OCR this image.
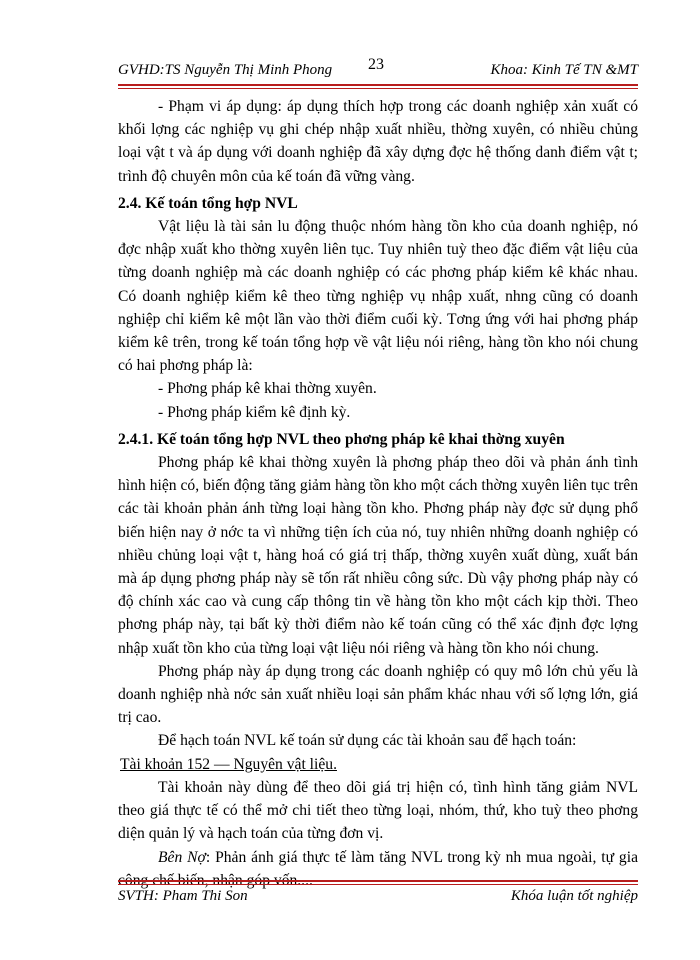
GVHD:TS Nguyễn Thị Minh Phong 23	Khoa: Kinh Tế TN &MT

- Phạm vi áp dụng: áp dụng thích hợp trong các doanh nghiệp xản xuất có khối lợng các nghiệp vụ ghi chép nhập xuất nhiều, thờng xuyên, có nhiều chủng loại vật t và áp dụng với doanh nghiệp đã xây dựng đợc hệ thống danh điểm vật t; trình độ chuyên môn của kế toán đã vững vàng.

2.4. Kế toán tổng hợp NVL

Vật liệu là tài sản lu động thuộc nhóm hàng tồn kho của doanh nghiệp, nó đợc nhập xuất kho thờng xuyên liên tục. Tuy nhiên tuỳ theo đặc điểm vật liệu của từng doanh nghiệp mà các doanh nghiệp có các phơng pháp kiểm kê khác nhau. Có doanh nghiệp kiểm kê theo từng nghiệp vụ nhập xuất, nhng cũng có doanh nghiệp chỉ kiểm kê một lần vào thời điểm cuối kỳ. Tơng ứng với hai phơng pháp kiểm kê trên, trong kế toán tổng hợp về vật liệu nói riêng, hàng tồn kho nói chung có hai phơng pháp là:

- Phơng pháp kê khai thờng xuyên.

- Phơng pháp kiểm kê định kỳ.

2.4.1. Kế toán tổng hợp NVL theo phơng pháp kê khai thờng xuyên

Phơng pháp kê khai thờng xuyên là phơng pháp theo dõi và phản ánh tình hình hiện có, biến động tăng giảm hàng tồn kho một cách thờng xuyên liên tục trên các tài khoản phản ánh từng loại hàng tồn kho. Phơng pháp này đợc sử dụng phổ biến hiện nay ở nớc ta vì những tiện ích của nó, tuy nhiên những doanh nghiệp có nhiều chủng loại vật t, hàng hoá có giá trị thấp, thờng xuyên xuất dùng, xuất bán mà áp dụng phơng pháp này sẽ tốn rất nhiều công sức. Dù vậy phơng pháp này có độ chính xác cao và cung cấp thông tin về hàng tồn kho một cách kịp thời. Theo phơng pháp này, tại bất kỳ thời điểm nào kế toán cũng có thể xác định đợc lợng nhập xuất tồn kho của từng loại vật liệu nói riêng và hàng tồn kho nói chung.

Phơng pháp này áp dụng trong các doanh nghiệp có quy mô lớn chủ yếu là doanh nghiệp nhà nớc sản xuất nhiều loại sản phẩm khác nhau với số lợng lớn, giá trị cao.

Để hạch toán NVL kế toán sử dụng các tài khoản sau để hạch toán:

Tài khoản 152 — Nguyên vật liệu.

Tài khoản này dùng để theo dõi giá trị hiện có, tình hình tăng giảm NVL theo giá thực tế có thể mở chi tiết theo từng loại, nhóm, thứ, kho tuỳ theo phơng diện quản lý và hạch toán của từng đơn vị.

Bên Nợ: Phản ánh giá thực tế làm tăng NVL trong kỳ nh mua ngoài, tự gia công chế biến, nhận góp vốn....

SVTH: Pham Thi Son	Khóa luận tốt nghiệp
